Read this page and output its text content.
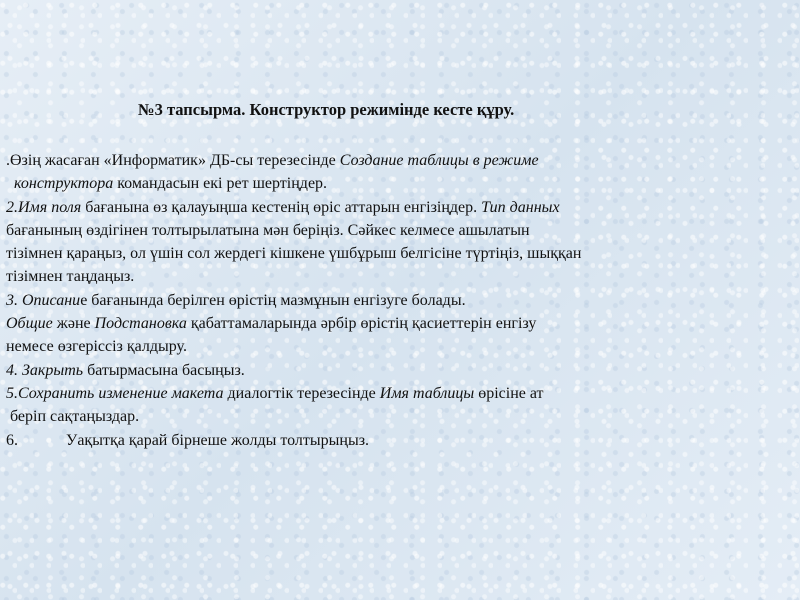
№3 тапсырма. Конструктор режимінде кесте құру.
.Өзің жасаған «Информатик» ДБ-сы терезесінде Создание таблицы в режиме
конструктора командасын екі рет шертіңдер.
2.Имя поля бағанына өз қалауыңша кестенің өріс аттарын енгізіңдер. Тип данных
бағанының өздігінен толтырылатына мән беріңіз. Сәйкес келмесе ашылатын
тізімнен қараңыз, ол үшін сол жердегі кішкене үшбұрыш белгісіне түртіңіз, шыққан
тізімнен таңдаңыз.
3. Описание бағанында берілген өрістің мазмұнын енгізуге болады.
Общие және Подстановка қабаттамаларында әрбір өрістің қасиеттерін енгізу
немесе өзгеріссіз қалдыру.
4. Закрыть батырмасына басыңыз.
5.Сохранить изменение макета диалогтік терезесінде Имя таблицы өрісіне ат
беріп сақтаңыздар.
6.	Уақытқа қарай бірнеше жолды толтырыңыз.
